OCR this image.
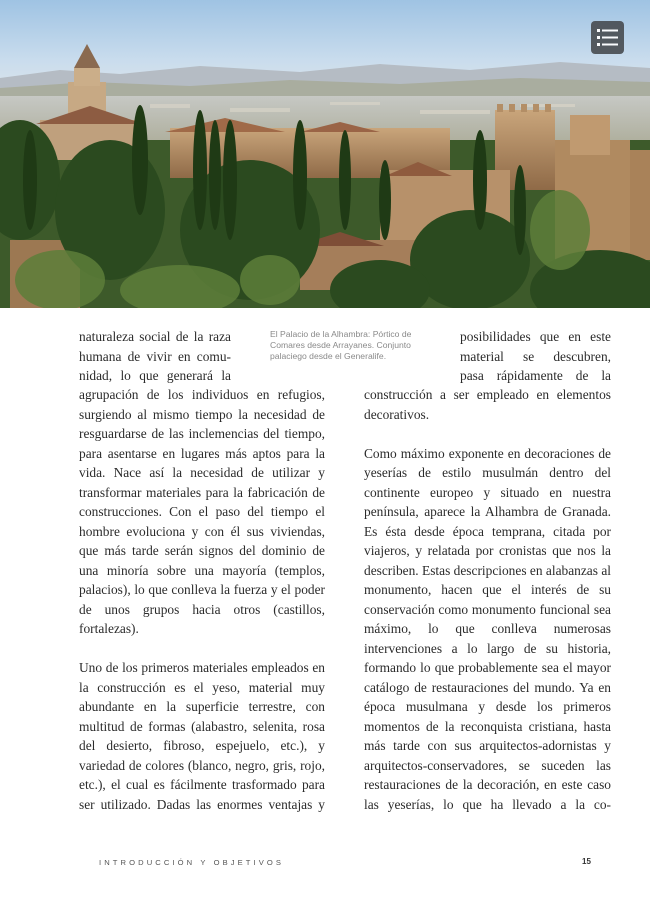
El Palacio de la Alhambra: Pórtico de Comares desde Arrayanes. Conjunto palaciego desde el Generalife.

naturaleza social de la raza

humana de vivir en comu-

nidad, lo que generará la

agrupación de los individuos en refugios, surgiendo al mismo tiempo la necesidad de resguardarse de las inclemencias del tiempo, para asentarse en lugares más aptos para la vida. Nace así la necesidad de utilizar y transformar materiales para la fabricación de construcciones. Con el paso del tiempo el hombre evoluciona y con él sus viviendas, que más tarde serán signos del dominio de una minoría sobre una mayoría (templos, palacios), lo que conlleva la fuerza y el poder de unos grupos hacia otros (castillos, fortalezas).

Uno de los primeros materiales empleados en la construcción es el yeso, material muy abundante en la superficie terrestre, con multitud de formas (alabastro, selenita, rosa del desierto, fibroso, espejuelo, etc.), y variedad de colores (blanco, negro, gris, rojo, etc.), el cual es fácilmente trasformado para ser utilizado. Dadas las enormes ventajas y

posibilidades que en este

material se descubren,

pasa rápidamente de la

construcción a ser empleado en elementos decorativos.

Como máximo exponente en decoraciones de yeserías de estilo musulmán dentro del continente europeo y situado en nuestra península, aparece la Alhambra de Granada. Es ésta desde época temprana, citada por viajeros, y relatada por cronistas que nos la describen. Estas descripciones en alabanzas al monumento, hacen que el interés de su conservación como monumento funcional sea máximo, lo que conlleva numerosas intervenciones a lo largo de su historia, formando lo que probablemente sea el mayor catálogo de restauraciones del mundo. Ya en época musulmana y desde los primeros momentos de la reconquista cristiana, hasta más tarde con sus arquitectos-adornistas y arquitectos-conservadores, se suceden las restauraciones de la decoración, en este caso las yeserías, lo que ha llevado a la co-

INTRODUCCIÓN Y OBJETIVOS	15
